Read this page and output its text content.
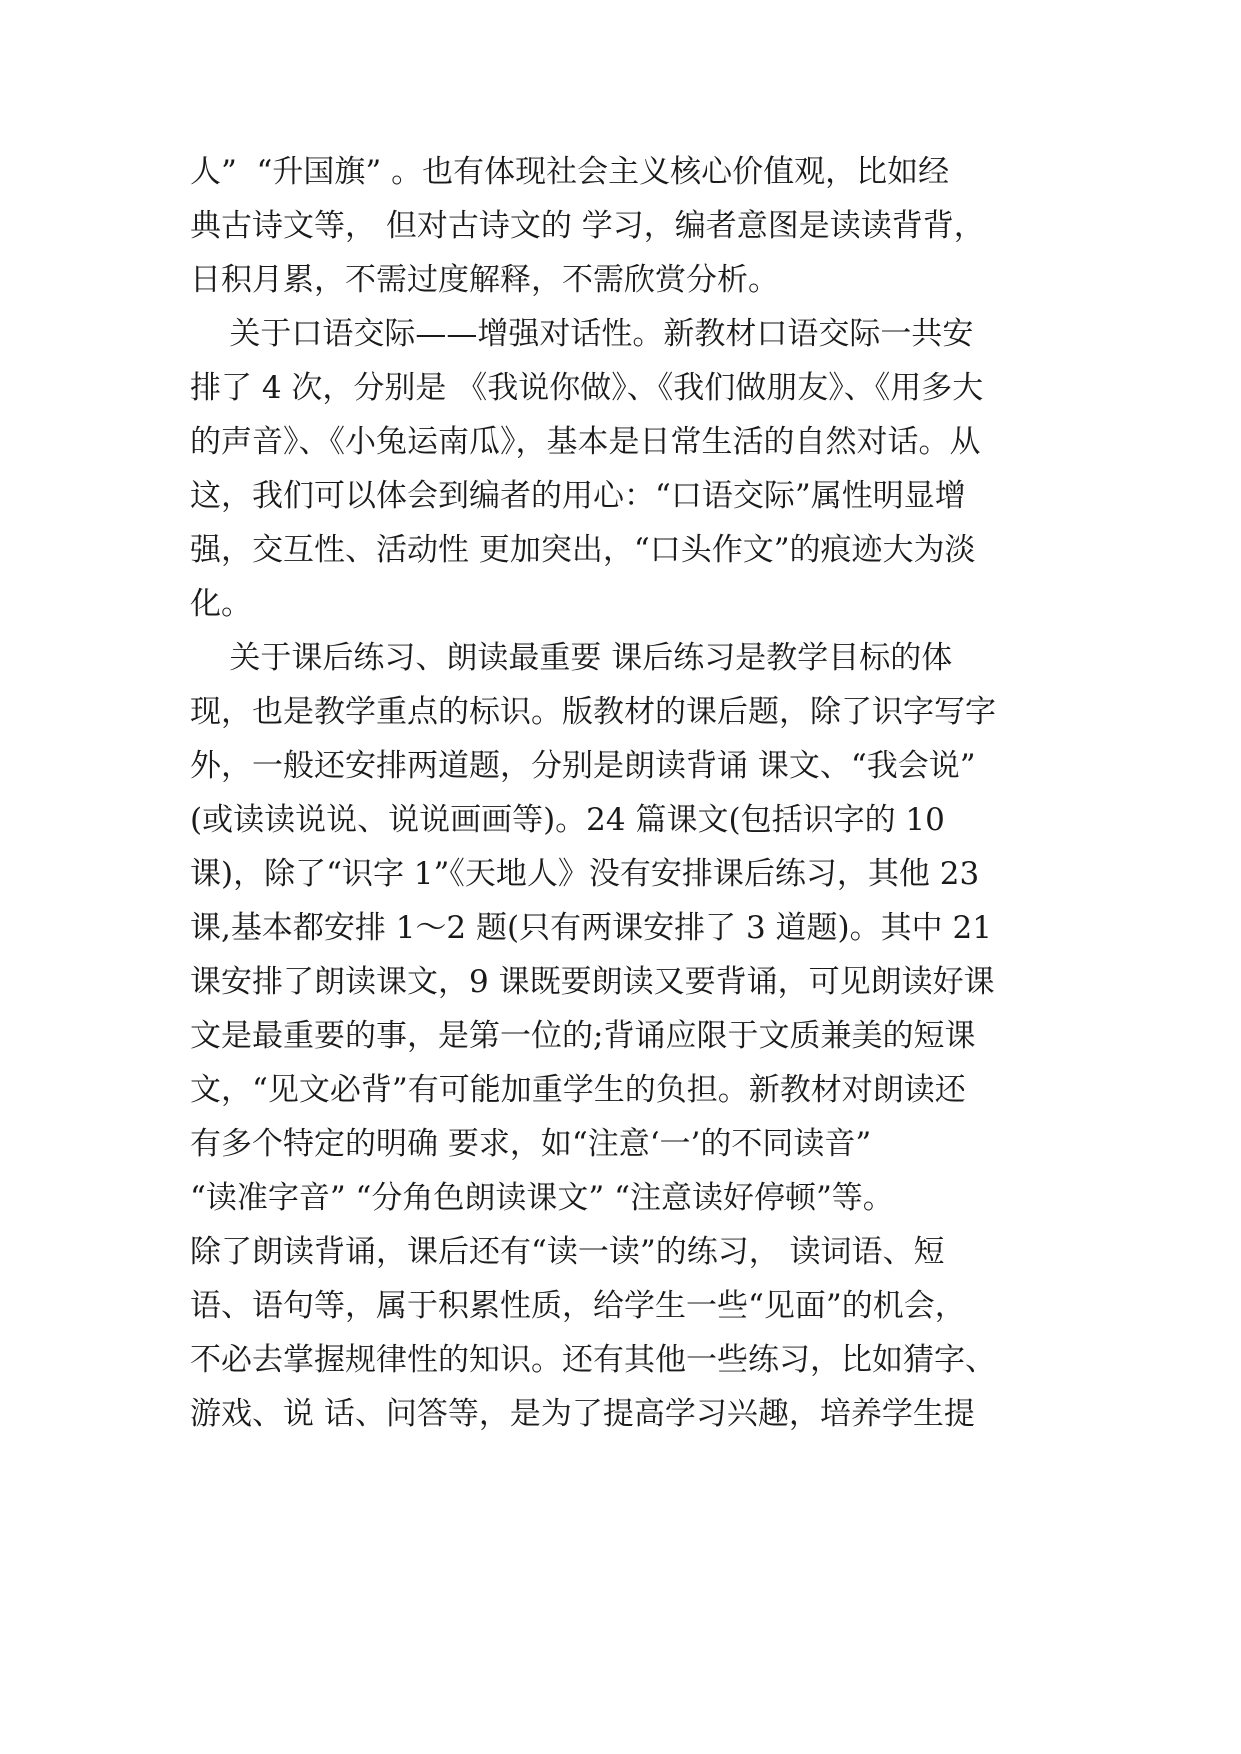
人”  “升国旗” 。也有体现社会主义核心价值观，比如经
典古诗文等， 但对古诗文的 学习，编者意图是读读背背，
日积月累，不需过度解释，不需欣赏分析。
关于口语交际——增强对话性。新教材口语交际一共安
排了 4 次，分别是 《我说你做》、《我们做朋友》、《用多大
的声音》、《小兔运南瓜》，基本是日常生活的自然对话。从
这，我们可以体会到编者的用心：“口语交际”属性明显增
强，交互性、活动性 更加突出，“口头作文”的痕迹大为淡
化。
关于课后练习、朗读最重要 课后练习是教学目标的体
现，也是教学重点的标识。版教材的课后题，除了识字写字
外，一般还安排两道题，分别是朗读背诵 课文、“我会说”
(或读读说说、说说画画等)。24 篇课文(包括识字的 10
课)，除了“识字 1”《天地人》没有安排课后练习，其他 23
课,基本都安排 1～2 题(只有两课安排了 3 道题)。其中 21
课安排了朗读课文，9 课既要朗读又要背诵，可见朗读好课
文是最重要的事，是第一位的;背诵应限于文质兼美的短课
文，“见文必背”有可能加重学生的负担。新教材对朗读还
有多个特定的明确 要求，如“注意‘一’的不同读音”
“读准字音” “分角色朗读课文” “注意读好停顿”等。
除了朗读背诵，课后还有“读一读”的练习， 读词语、短
语、语句等，属于积累性质，给学生一些“见面”的机会，
不必去掌握规律性的知识。还有其他一些练习，比如猜字、
游戏、说 话、问答等，是为了提高学习兴趣，培养学生提
